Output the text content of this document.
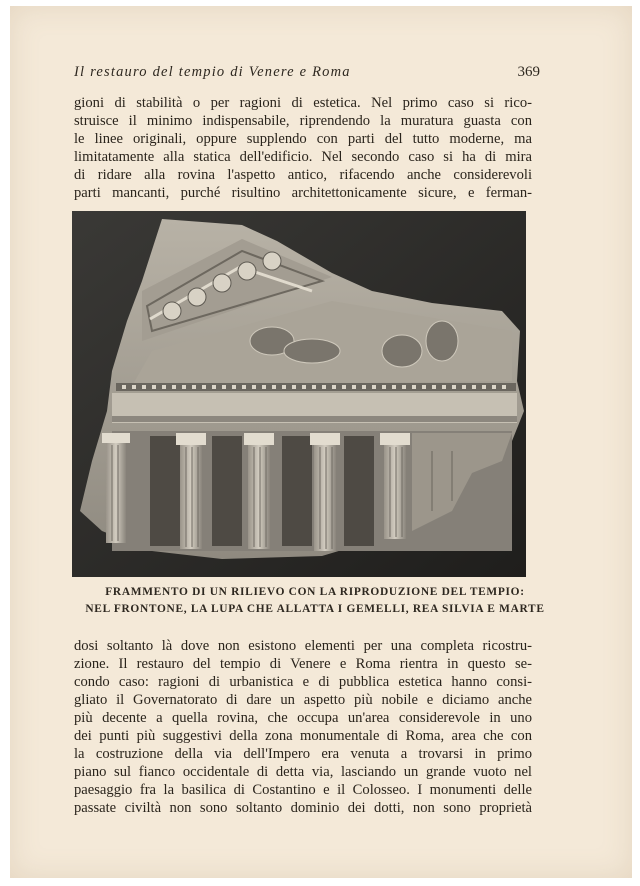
Il restauro del tempio di Venere e Roma	369

gioni di stabilità o per ragioni di estetica. Nel primo caso si rico-
struisce il minimo indispensabile, riprendendo la muratura guasta con
le linee originali, oppure supplendo con parti del tutto moderne, ma
limitatamente alla statica dell'edificio. Nel secondo caso si ha di mira
di ridare alla rovina l'aspetto antico, rifacendo anche considerevoli
parti mancanti, purché risultino architettonicamente sicure, e ferman-

FRAMMENTO DI UN RILIEVO CON LA RIPRODUZIONE DEL TEMPIO:
NEL FRONTONE, LA LUPA CHE ALLATTA I GEMELLI, REA SILVIA E MARTE

dosi soltanto là dove non esistono elementi per una completa ricostru-
zione. Il restauro del tempio di Venere e Roma rientra in questo se-
condo caso: ragioni di urbanistica e di pubblica estetica hanno consi-
gliato il Governatorato di dare un aspetto più nobile e diciamo anche
più decente a quella rovina, che occupa un'area considerevole in uno
dei punti più suggestivi della zona monumentale di Roma, area che con
la costruzione della via dell'Impero era venuta a trovarsi in primo
piano sul fianco occidentale di detta via, lasciando un grande vuoto nel
paesaggio fra la basilica di Costantino e il Colosseo. I monumenti delle
passate civiltà non sono soltanto dominio dei dotti, non sono proprietà
